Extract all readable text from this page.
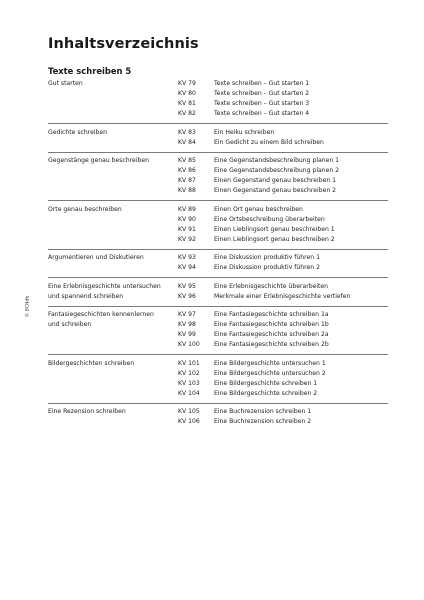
Inhaltsverzeichnis
Texte schreiben 5
© BCNdb
Gut starten	KV 79	Texte schreiben – Gut starten 1
KV 80	Texte schreiben – Gut starten 2
KV 81	Texte schreiben – Gut starten 3
KV 82	Texte schreiben – Gut starten 4
Gedichte schreiben	KV 83	Ein Heiku schreiben
KV 84	Ein Gedicht zu einem Bild schreiben
Gegenstänge genau beschreiben	KV 85	Eine Gegenstandsbeschreibung planen 1
KV 86	Eine Gegenstandsbeschreibung planen 2
KV 87	Einen Gegenstand genau beschreiben 1
KV 88	Einen Gegenstand genau beschreiben 2
Orte genau beschreiben	KV 89	Einen Ort genau beschreiben
KV 90	Eine Ortsbeschreibung überarbeiten
KV 91	Einen Lieblingsort genau beschreiben 1
KV 92	Einen Lieblingsort genau beschreiben 2
Argumentieren und Diskutieren	KV 93	Eine Diskussion produktiv führen 1
KV 94	Eine Diskussion produktiv führen 2
Eine Erlebnisgeschichte untersuchen
und spannend schreiben
KV 95	Eine Erlebnisgeschichte überarbeiten
KV 96	Merkmale einer Erlebnisgeschichte vertiefen
Fantasiegeschichten kennenlernen
und schreiben
KV 97	Eine Fantasiegeschichte schreiben 1a
KV 98	Eine Fantasiegeschichte schreiben 1b
KV 99	Eine Fantasiegeschichte schreiben 2a
KV 100	Eine Fantasiegeschichte schreiben 2b
Bildergeschichten schreiben	KV 101	Eine Bildergeschichte untersuchen 1
KV 102	Eine Bildergeschichte untersuchen 2
KV 103	Eine Bildergeschichte schreiben 1
KV 104	Eine Bildergeschichte schreiben 2
Eine Rezension schreiben	KV 105	Eine Buchrezension schreiben 1
KV 106	Eine Buchrezension schreiben 2
